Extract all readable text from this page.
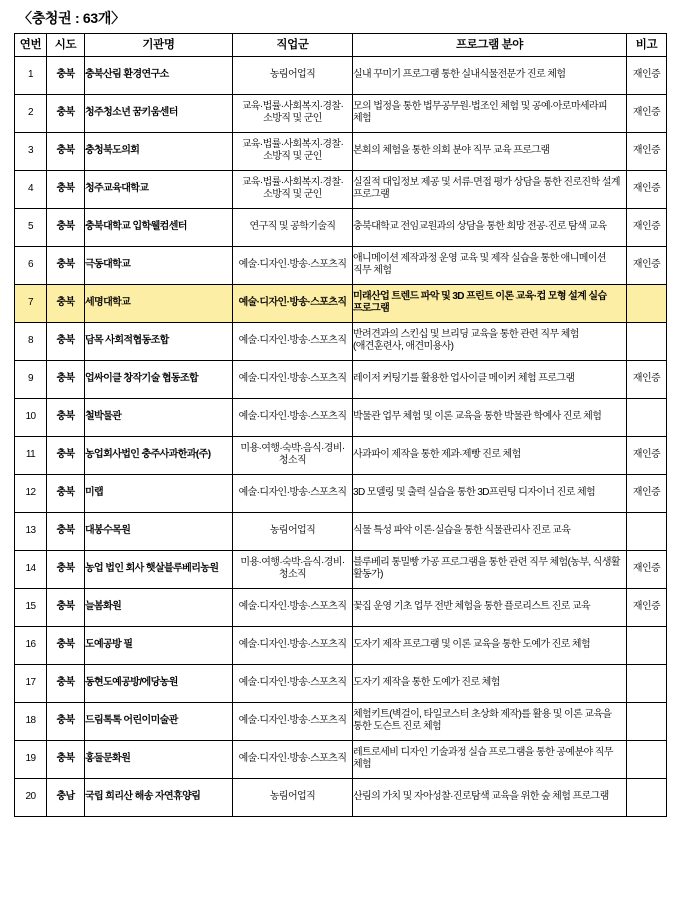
〈충청권 : 63개〉
연번	시도	기관명	직업군	프로그램 분야	비고

1	충북	충북산림 환경연구소	농림어업직	실내 꾸미기 프로그램 통한 실내식물전문가 진로 체험	재인증

2	충북	청주청소년 꿈키움센터	교육·법률·사회복지·경찰·소방직 및 군인	모의 법정을 통한 법무공무원·법조인 체험 및 공예·아로마세라피 체험	재인증

3	충북	충청북도의회	교육·법률·사회복지·경찰·소방직 및 군인	본회의 체험을 통한 의회 분야 직무 교육 프로그램	재인증

4	충북	청주교육대학교	교육·법률·사회복지·경찰·소방직 및 군인	실질적 대입정보 제공 및 서류·면접 평가 상담을 통한 진로진학 설계 프로그램	재인증

5	충북	충북대학교 입학웰컴센터	연구직 및 공학기술직	충북대학교 전임교원과의 상담을 통한 희망 전공·진로 탐색 교육	재인증

6	충북	극동대학교	예술·디자인·방송·스포츠직	애니메이션 제작과정 운영 교육 및 제작 실습을 통한 애니메이션 직무 체험	재인증

7	충북	세명대학교	예술·디자인·방송·스포츠직	미래산업 트렌드 파악 및 3D 프린트 이론 교육·컵 모형 설계 실습 프로그램	

8	충북	담목 사회적협동조합	예술·디자인·방송·스포츠직	반려견과의 스킨십 및 브리딩 교육을 통한 관련 직무 체험(애견훈련사, 애견미용사)	

9	충북	업싸이클 창작기술 협동조합	예술·디자인·방송·스포츠직	레이저 커팅기를 활용한 업사이클 메이커 체험 프로그램	재인증

10	충북	철박물관	예술·디자인·방송·스포츠직	박물관 업무 체험 및 이론 교육을 통한 박물관 학예사 진로 체험	

11	충북	농업회사법인 충주사과한과(주)	미용·여행·숙박·음식·경비·청소직	사과파이 제작을 통한 제과·제빵 진로 체험	재인증

12	충북	미랩	예술·디자인·방송·스포츠직	3D 모델링 및 출력 실습을 통한 3D프린팅 디자이너 진로 체험	재인증

13	충북	대봉수목원	농림어업직	식물 특성 파악 이론·실습을 통한 식물관리사 진로 교육	

14	충북	농업 법인 회사 햇살블루베리농원	미용·여행·숙박·음식·경비·청소직	블루베리 통밀빵 가공 프로그램을 통한 관련 직무 체험(농부, 식생활 활동가)	재인증

15	충북	늘봄화원	예술·디자인·방송·스포츠직	꽃집 운영 기초 업무 전반 체험을 통한 플로리스트 진로 교육	재인증

16	충북	도예공방 필	예술·디자인·방송·스포츠직	도자기 제작 프로그램 및 이론 교육을 통한 도예가 진로 체험	

17	충북	동현도예공방/에당농원	예술·디자인·방송·스포츠직	도자기 제작을 통한 도예가 진로 체험	

18	충북	드림톡톡 어린이미술관	예술·디자인·방송·스포츠직	체험키트(벽걸이, 타일코스터 초상화 제작)를 활용 및 이론 교육을 통한 도슨트 진로 체험	

19	충북	홍둘문화원	예술·디자인·방송·스포츠직	레트로세비 디자인 기술과정 실습 프로그램을 통한 공예분야 직무 체험	

20	충남	국립 희리산 해송 자연휴양림	농림어업직	산림의 가치 및 자아성찰·진로탐색 교육을 위한 숲 체험 프로그램	
